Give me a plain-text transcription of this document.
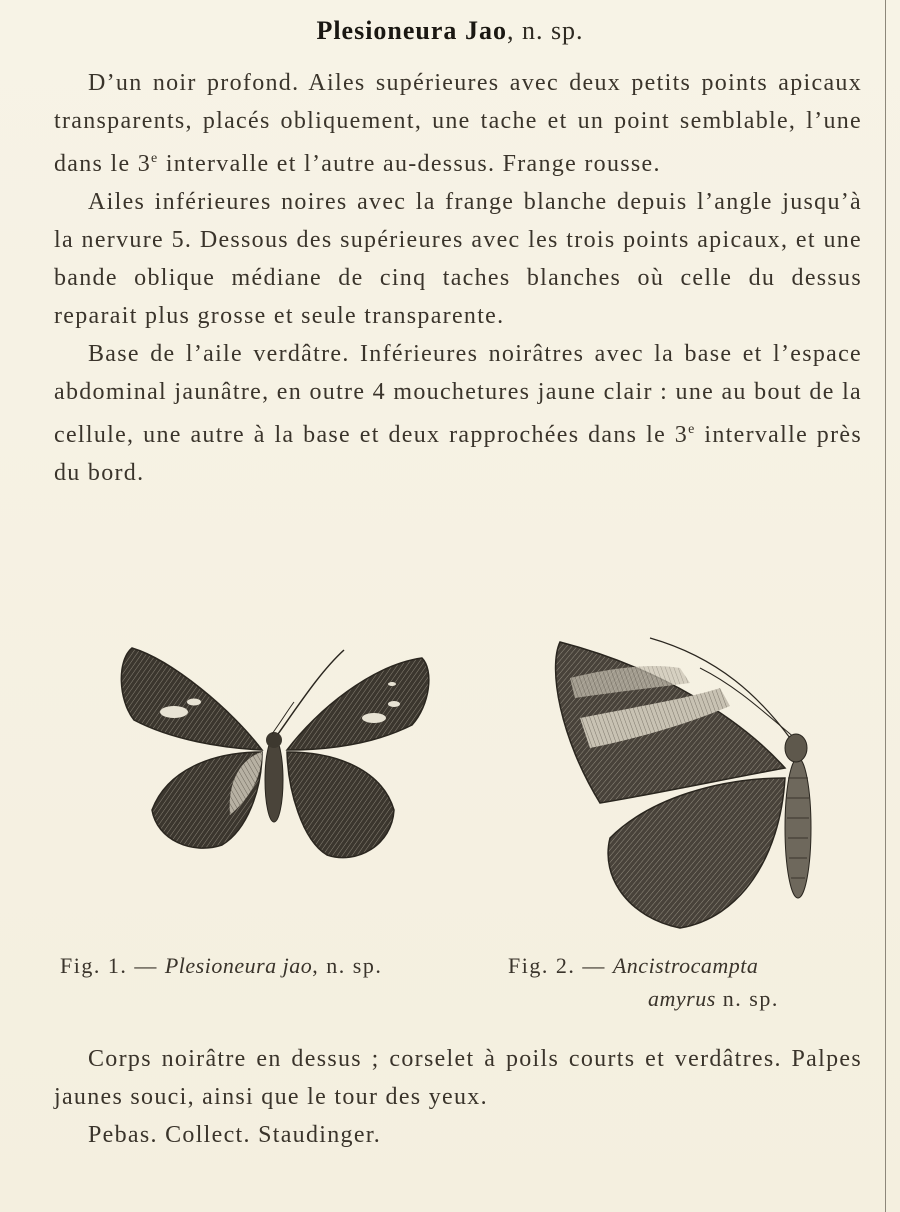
Plesioneura Jao, n. sp.

D’un noir profond. Ailes supérieures avec deux petits points apicaux transparents, placés obliquement, une tache et un point semblable, l’une dans le 3e intervalle et l’autre au-dessus. Frange rousse.

Ailes inférieures noires avec la frange blanche depuis l’angle jusqu’à la nervure 5. Dessous des supérieures avec les trois points apicaux, et une bande oblique médiane de cinq taches blanches où celle du dessus reparait plus grosse et seule transparente.

Base de l’aile verdâtre. Inférieures noirâtres avec la base et l’espace abdominal jaunâtre, en outre 4 mouchetures jaune clair : une au bout de la cellule, une autre à la base et deux rapprochées dans le 3e intervalle près du bord.

Fig. 1. — Plesioneura jao, n. sp.	Fig. 2. — Ancistrocampta
amyrus n. sp.

Corps noirâtre en dessus ; corselet à poils courts et verdâtres. Palpes jaunes souci, ainsi que le tour des yeux.

Pebas. Collect. Staudinger.
